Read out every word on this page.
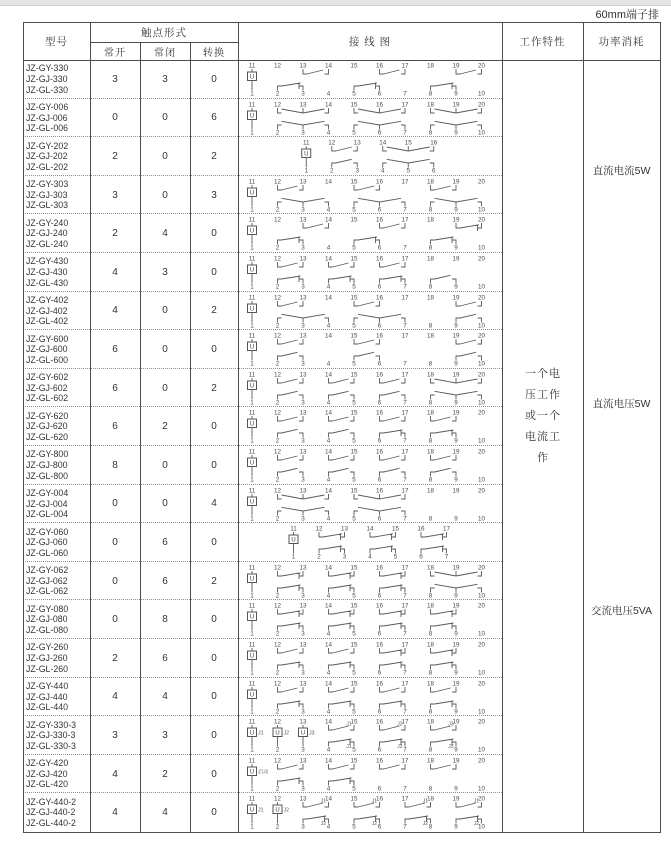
60mm端子排
型号
触点形式
常开	常闭	转换
接 线 图	工作特性	功率消耗
一个电
压工作
或一个
电流工
作
直流电流5W
直流电压5W
交流电压5VA
JZ-GY-330
JZ-GJ-330
JZ-GL-330
3	3	0
11	12	13	14	15	16	17	18	19	20
1	2	3	4	5	6	7	8	9	10
U
JZ-GY-006
JZ-GJ-006
JZ-GL-006
0	0	6
11	12	13	14	15	16	17	18	19	20
1	2	3	4	5	6	7	8	9	10
U
JZ-GY-202
JZ-GJ-202
JZ-GL-202
2	0	2
11	12	13	14	15	16
1	2	3	4	5	6
U
JZ-GY-303
JZ-GJ-303
JZ-GL-303
3	0	3
11	12	13	14	15	16	17	18	19	20
1	2	3	4	5	6	7	8	9	10
U
JZ-GY-240
JZ-GJ-240
JZ-GL-240
2	4	0
11	12	13	14	15	16	17	18	19	20
1	2	3	4	5	6	7	8	9	10
U
JZ-GY-430
JZ-GJ-430
JZ-GL-430
4	3	0
11	12	13	14	15	16	17	18	19	20
1	2	3	4	5	6	7	8	9	10
U
JZ-GY-402
JZ-GJ-402
JZ-GL-402
4	0	2
11	12	13	14	15	16	17	18	19	20
1	2	3	4	5	6	7	8	9	10
U
JZ-GY-600
JZ-GJ-600
JZ-GL-600
6	0	0
11	12	13	14	15	16	17	18	19	20
1	2	3	4	5	6	7	8	9	10
U
JZ-GY-602
JZ-GJ-602
JZ-GL-602
6	0	2
11	12	13	14	15	16	17	18	19	20
1	2	3	4	5	6	7	8	9	10
U
JZ-GY-620
JZ-GJ-620
JZ-GL-620
6	2	0
11	12	13	14	15	16	17	18	19	20
1	2	3	4	5	6	7	8	9	10
U
JZ-GY-800
JZ-GJ-800
JZ-GL-800
8	0	0
11	12	13	14	15	16	17	18	19	20
1	2	3	4	5	6	7	8	9	10
U
JZ-GY-004
JZ-GJ-004
JZ-GL-004
0	0	4
11	12	13	14	15	16	17	18	19	20
1	2	3	4	5	6	7	8	9	10
U
JZ-GY-060
JZ-GJ-060
JZ-GL-060
0	6	0
11	12	13	14	15	16	17
1	2	3	4	5	6	7
U
JZ-GY-062
JZ-GJ-062
JZ-GL-062
0	6	2
11	12	13	14	15	16	17	18	19	20
1	2	3	4	5	6	7	8	9	10
U
JZ-GY-080
JZ-GJ-080
JZ-GL-080
0	8	0
11	12	13	14	15	16	17	18	19	20
1	2	3	4	5	6	7	8	9	10
U
JZ-GY-260
JZ-GJ-260
JZ-GL-260
2	6	0
11	12	13	14	15	16	17	18	19	20
1	2	3	4	5	6	7	8	9	10
U
JZ-GY-440
JZ-GJ-440
JZ-GL-440
4	4	0
11	12	13	14	15	16	17	18	19	20
1	2	3	4	5	6	7	8	9	10
U
JZ-GY-330-3
JZ-GJ-330-3
JZ-GL-330-3
3	3	0
11	12	13	14	15	16	17	18	19	20
1	2	3	4	5	6	7	8	9	10
U J1 U J2 U J3
J1	J2	J3
J1	J2	J3
JZ-GY-420
JZ-GJ-420
JZ-GL-420
4	2	0
11	12	13	14	15	16	17	18	19	20
1	2	3	4	5	6	7	8	9	10
U 启动
JZ-GY-440-2
JZ-GJ-440-2
JZ-GL-440-2
4	4	0
11	12	13	14	15	16	17	18	19	20
1	2	3	4	5	6	7	8	9	10
U J1 U J2
J1	J1	J1	J1
J2	J2	J2	J2
